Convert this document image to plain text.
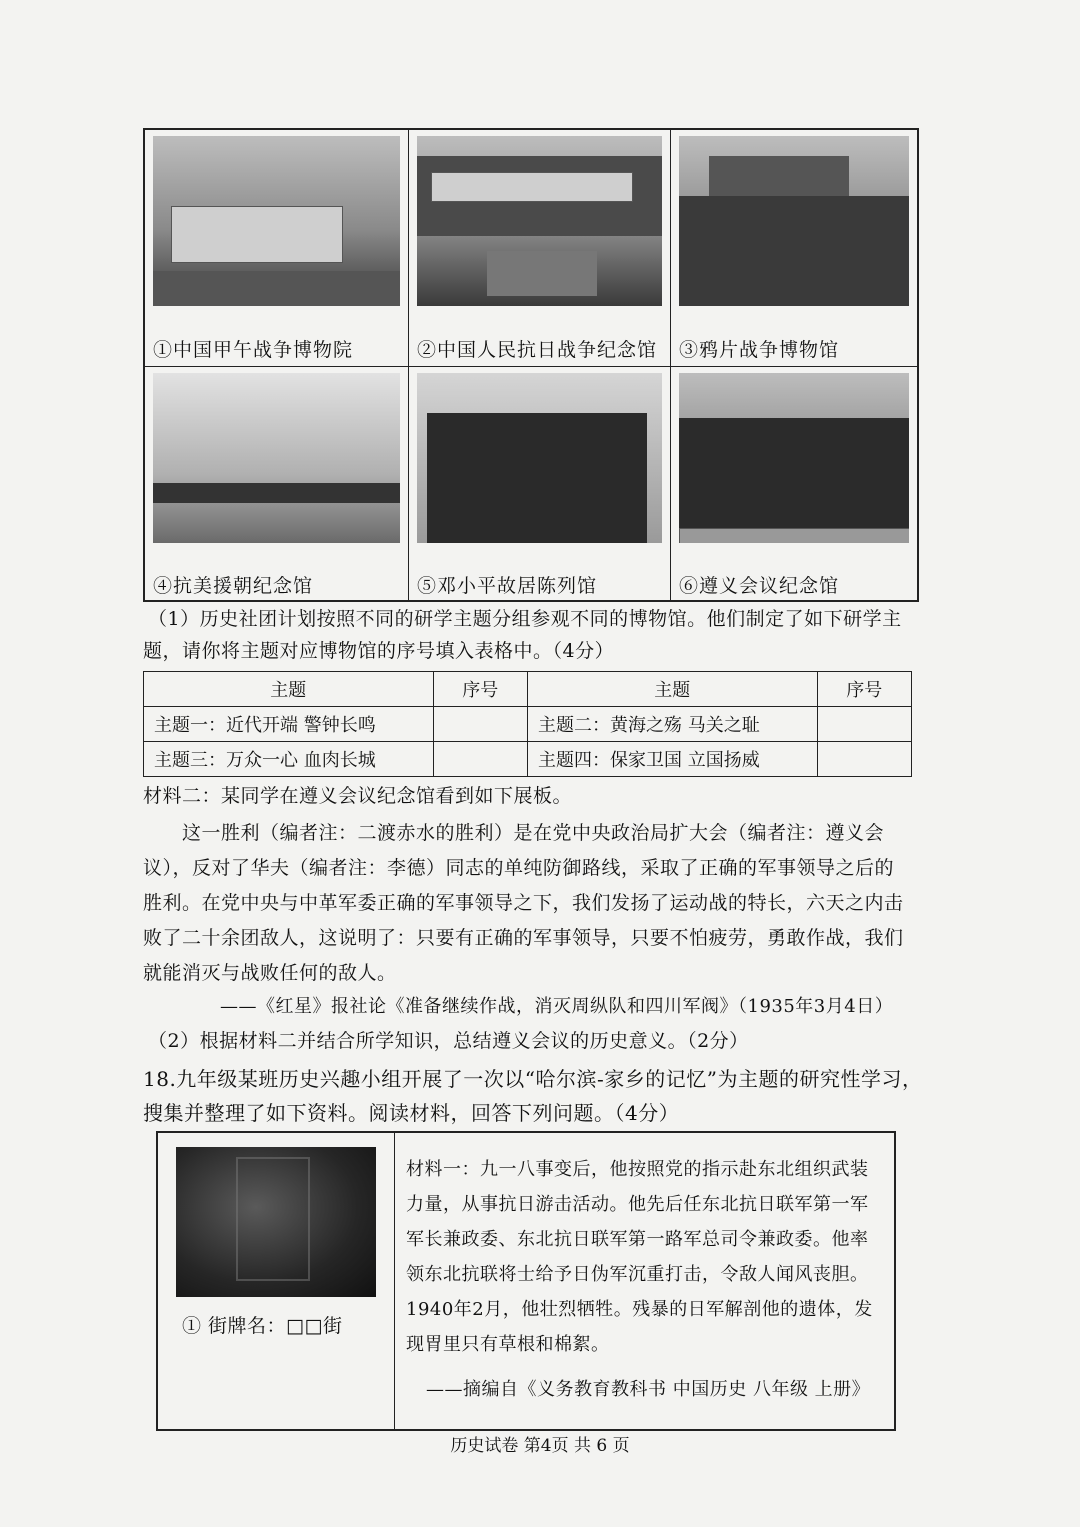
①中国甲午战争博物院	②中国人民抗日战争纪念馆 ③鸦片战争博物馆
④抗美援朝纪念馆	⑤邓小平故居陈列馆	⑥遵义会议纪念馆
（1）历史社团计划按照不同的研学主题分组参观不同的博物馆。他们制定了如下研学主
题，请你将主题对应博物馆的序号填入表格中。（4分）
主题	序号	主题	序号
主题一：近代开端 警钟长鸣		主题二：黄海之殇 马关之耻	
主题三：万众一心 血肉长城		主题四：保家卫国 立国扬威	
材料二：某同学在遵义会议纪念馆看到如下展板。
这一胜利（编者注：二渡赤水的胜利）是在党中央政治局扩大会（编者注：遵义会
议），反对了华夫（编者注：李德）同志的单纯防御路线，采取了正确的军事领导之后的
胜利。在党中央与中革军委正确的军事领导之下，我们发扬了运动战的特长，六天之内击
败了二十余团敌人，这说明了：只要有正确的军事领导，只要不怕疲劳，勇敢作战，我们
就能消灭与战败任何的敌人。
——《红星》报社论《准备继续作战，消灭周纵队和四川军阀》（1935年3月4日）
（2）根据材料二并结合所学知识，总结遵义会议的历史意义。（2分）
18.九年级某班历史兴趣小组开展了一次以“哈尔滨-家乡的记忆”为主题的研究性学习，
搜集并整理了如下资料。阅读材料，回答下列问题。（4分）
① 街牌名：□□街
材料一：九一八事变后，他按照党的指示赴东北组织武装
力量，从事抗日游击活动。他先后任东北抗日联军第一军
军长兼政委、东北抗日联军第一路军总司令兼政委。他率
领东北抗联将士给予日伪军沉重打击，令敌人闻风丧胆。
1940年2月，他壮烈牺牲。残暴的日军解剖他的遗体，发
现胃里只有草根和棉絮。
——摘编自《义务教育教科书 中国历史 八年级 上册》
历史试卷 第4页 共 6 页
